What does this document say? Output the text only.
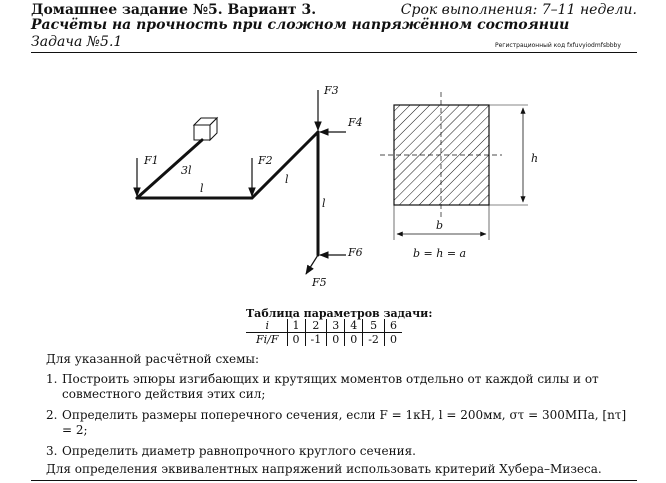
Домашнее задание №5. Вариант 3.	Срок выполнения: 7–11 недели.
Расчёты на прочность при сложном напряжённом состоянии
Задача №5.1	Регистрационный код fxfuvyiodmfsbbby
F1	F2
F3
F4
F6
F5
3l
l
l
l
h
b
b = h = a
Таблица параметров задачи:
i	1	2	3	4	5	6
Fi/F	0	-1	0	0	-2	0
Для указанной расчётной схемы:
1. Построить эпюры изгибающих и крутящих моментов отдельно от каждой силы и от совместного действия этих сил;
2. Определить размеры поперечного сечения, если F = 1кН, l = 200мм, στ = 300МПа, [nτ] = 2;
3. Определить диаметр равнопрочного круглого сечения.
Для определения эквивалентных напряжений использовать критерий Хубера–Мизеса.
